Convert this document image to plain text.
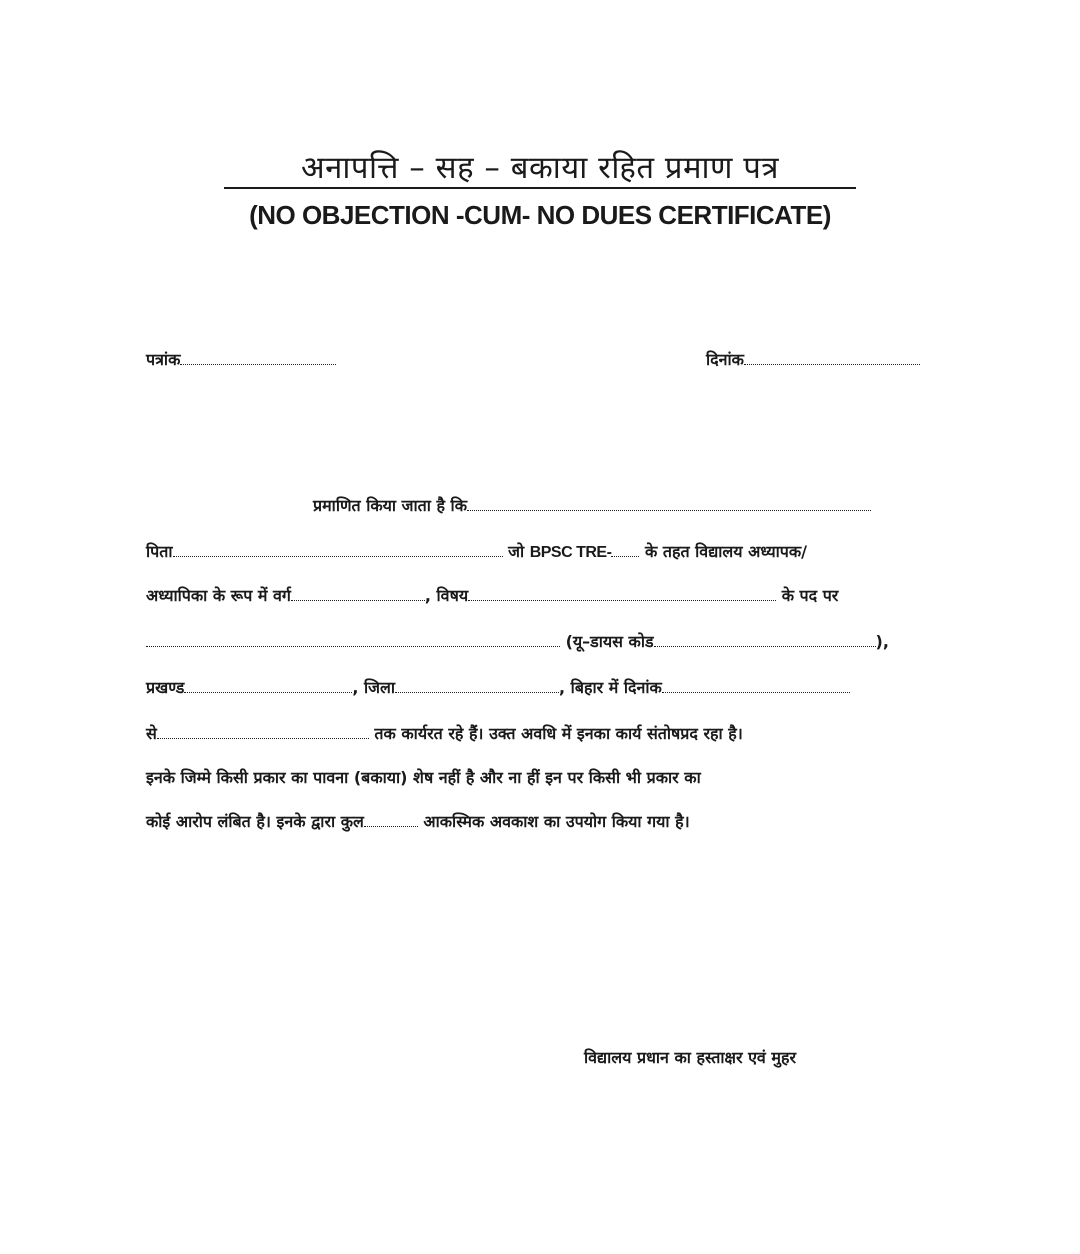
अनापत्ति – सह – बकाया रहित प्रमाण पत्र
(NO OBJECTION -CUM- NO DUES CERTIFICATE)
पत्रांक	दिनांक
प्रमाणित किया जाता है कि
पिता	जो BPSC TRE- के तहत विद्यालय अध्यापक/
अध्यापिका के रूप में वर्ग	, विषय	के पद पर
(यू–डायस कोड	),
प्रखण्ड	, जिला	, बिहार में दिनांक
से	तक कार्यरत रहे हैं। उक्त अवधि में इनका कार्य संतोषप्रद रहा है।
इनके जिम्मे किसी प्रकार का पावना (बकाया) शेष नहीं है और ना हीं इन पर किसी भी प्रकार का
कोई आरोप लंबित है। इनके द्वारा कुल	आकस्मिक अवकाश का उपयोग किया गया है।
विद्यालय प्रधान का हस्ताक्षर एवं मुहर
